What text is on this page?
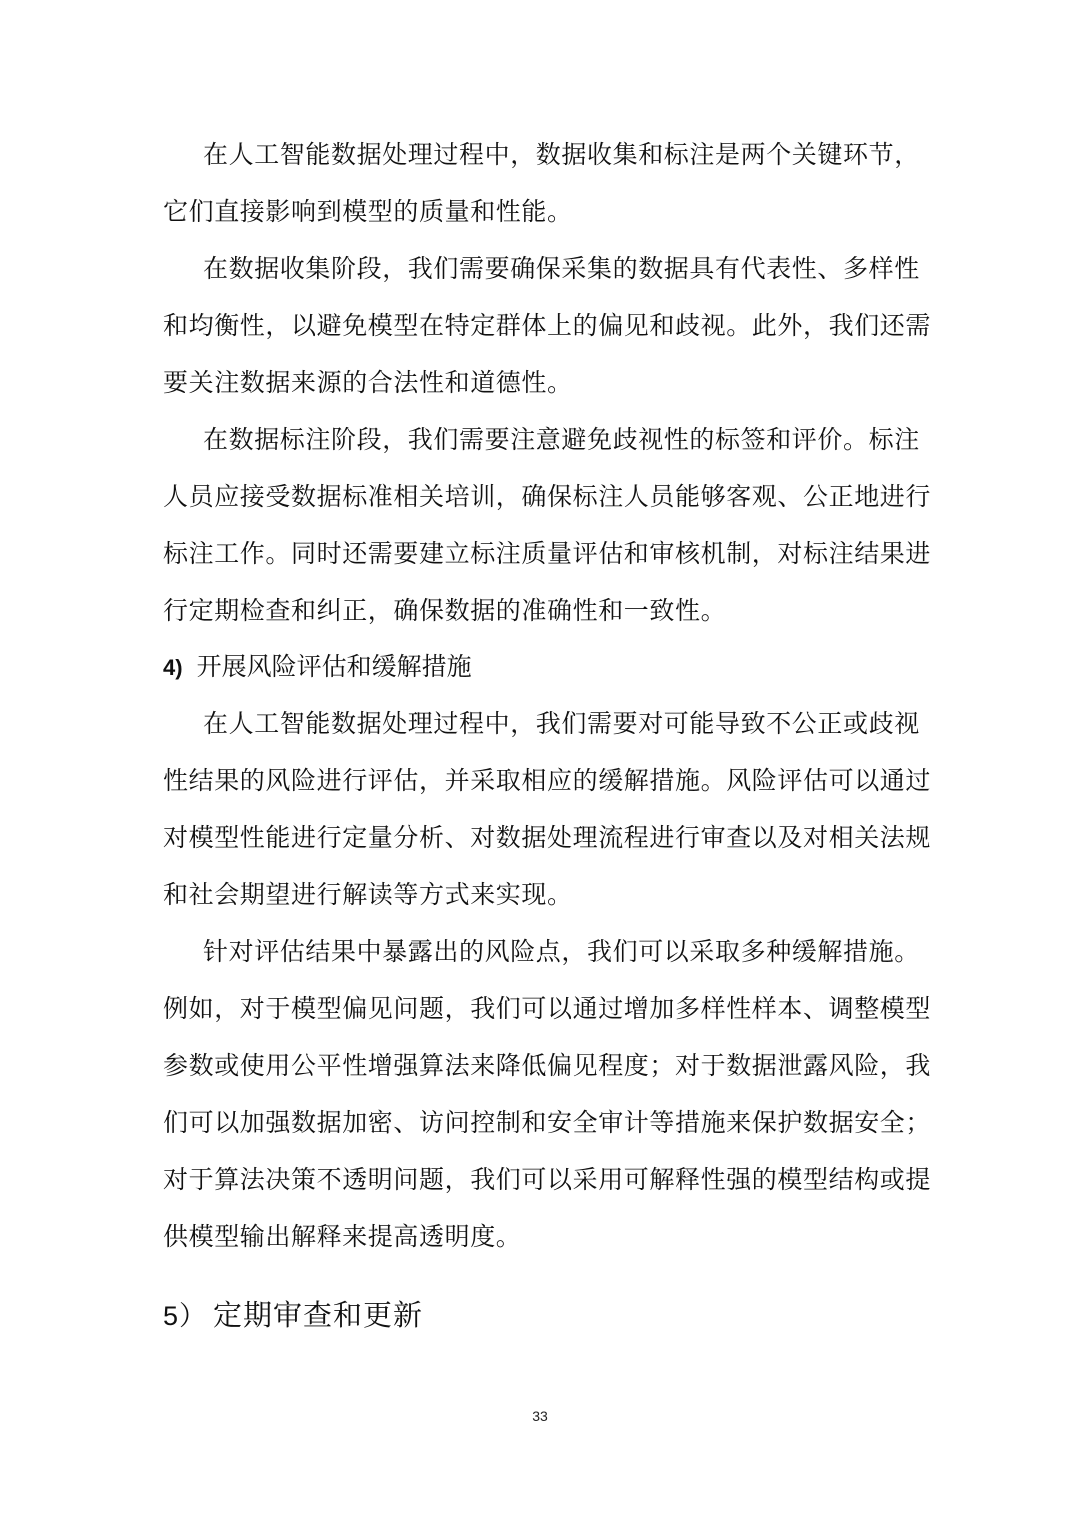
在人工智能数据处理过程中，数据收集和标注是两个关键环节，
它们直接影响到模型的质量和性能。
在数据收集阶段，我们需要确保采集的数据具有代表性、多样性
和均衡性，以避免模型在特定群体上的偏见和歧视。此外，我们还需
要关注数据来源的合法性和道德性。
在数据标注阶段，我们需要注意避免歧视性的标签和评价。标注
人员应接受数据标准相关培训，确保标注人员能够客观、公正地进行
标注工作。同时还需要建立标注质量评估和审核机制，对标注结果进
行定期检查和纠正，确保数据的准确性和一致性。
4) 开展风险评估和缓解措施
在人工智能数据处理过程中，我们需要对可能导致不公正或歧视
性结果的风险进行评估，并采取相应的缓解措施。风险评估可以通过
对模型性能进行定量分析、对数据处理流程进行审查以及对相关法规
和社会期望进行解读等方式来实现。
针对评估结果中暴露出的风险点，我们可以采取多种缓解措施。
例如，对于模型偏见问题，我们可以通过增加多样性样本、调整模型
参数或使用公平性增强算法来降低偏见程度；对于数据泄露风险，我
们可以加强数据加密、访问控制和安全审计等措施来保护数据安全；
对于算法决策不透明问题，我们可以采用可解释性强的模型结构或提
供模型输出解释来提高透明度。
5） 定期审查和更新
33
